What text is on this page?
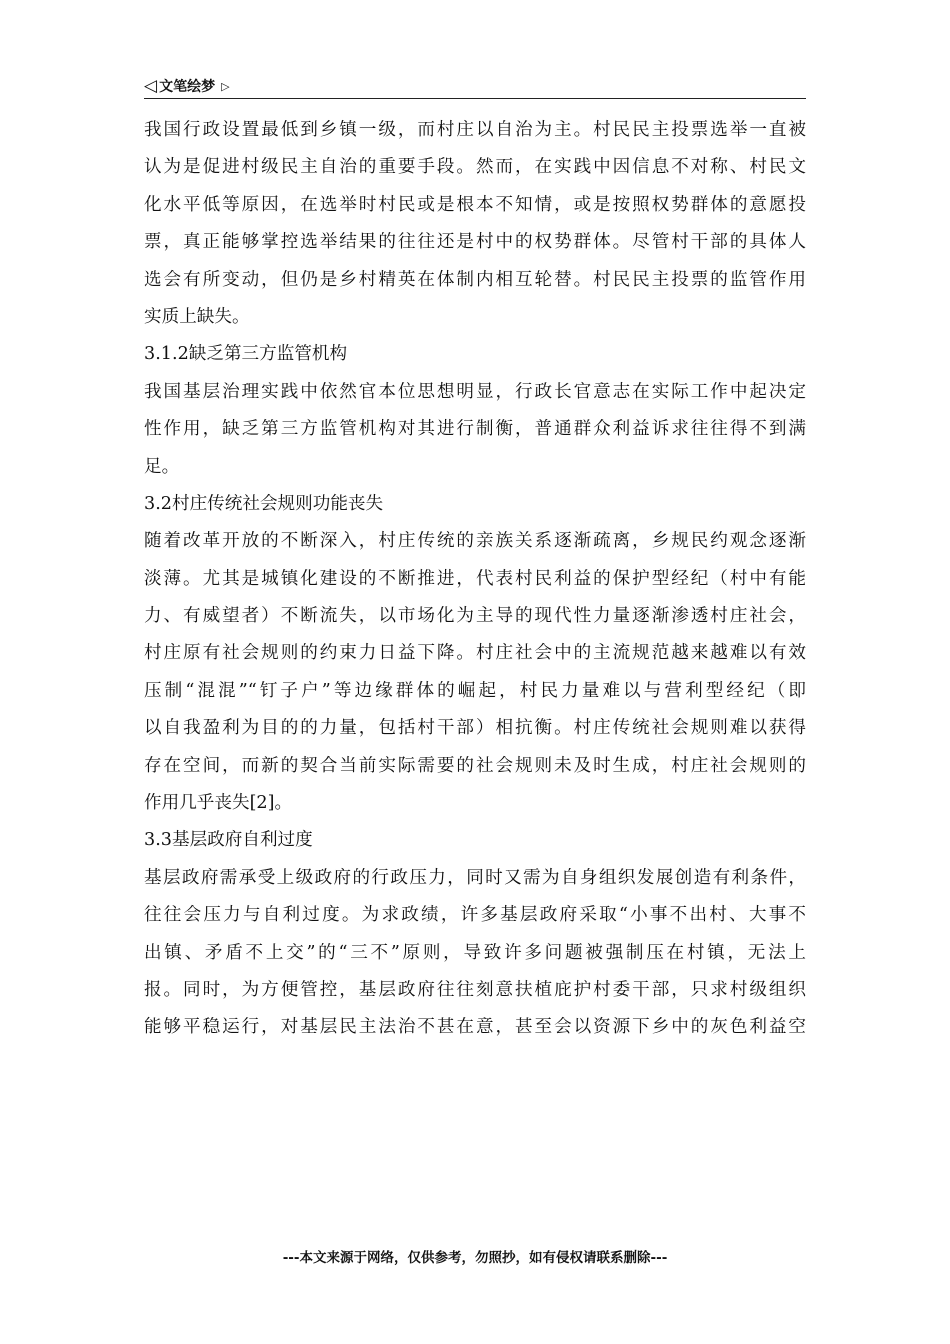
◁ 文笔绘梦 ▷
我国行政设置最低到乡镇一级，而村庄以自治为主。村民民主投票选举一直被
认为是促进村级民主自治的重要手段。然而，在实践中因信息不对称、村民文
化水平低等原因，在选举时村民或是根本不知情，或是按照权势群体的意愿投
票，真正能够掌控选举结果的往往还是村中的权势群体。尽管村干部的具体人
选会有所变动，但仍是乡村精英在体制内相互轮替。村民民主投票的监管作用
实质上缺失。
3.1.2缺乏第三方监管机构
我国基层治理实践中依然官本位思想明显，行政长官意志在实际工作中起决定
性作用，缺乏第三方监管机构对其进行制衡，普通群众利益诉求往往得不到满
足。
3.2村庄传统社会规则功能丧失
随着改革开放的不断深入，村庄传统的亲族关系逐渐疏离，乡规民约观念逐渐
淡薄。尤其是城镇化建设的不断推进，代表村民利益的保护型经纪（村中有能
力、有威望者）不断流失，以市场化为主导的现代性力量逐渐渗透村庄社会，
村庄原有社会规则的约束力日益下降。村庄社会中的主流规范越来越难以有效
压制“混混”“钉子户”等边缘群体的崛起，村民力量难以与营利型经纪（即
以自我盈利为目的的力量，包括村干部）相抗衡。村庄传统社会规则难以获得
存在空间，而新的契合当前实际需要的社会规则未及时生成，村庄社会规则的
作用几乎丧失[2]。
3.3基层政府自利过度
基层政府需承受上级政府的行政压力，同时又需为自身组织发展创造有利条件，
往往会压力与自利过度。为求政绩，许多基层政府采取“小事不出村、大事不
出镇、矛盾不上交”的“三不”原则，导致许多问题被强制压在村镇，无法上
报。同时，为方便管控，基层政府往往刻意扶植庇护村委干部，只求村级组织
能够平稳运行，对基层民主法治不甚在意，甚至会以资源下乡中的灰色利益空
---本文来源于网络，仅供参考，勿照抄，如有侵权请联系删除---
